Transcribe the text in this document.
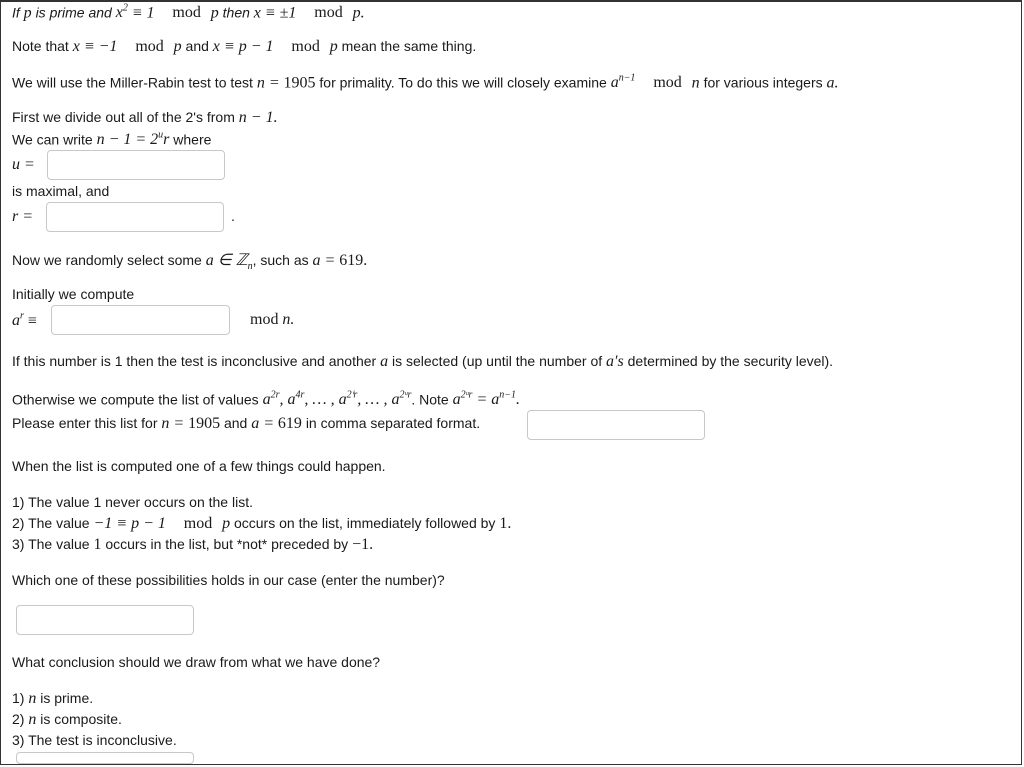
If p is prime and $x^2 \equiv 1$ mod p then x ≡ ±1 mod p.
Note that x ≡ −1 mod p and x ≡ p − 1 mod p mean the same thing.
We will use the Miller-Rabin test to test n = 1905 for primality. To do this we will closely examine $a^{n-1}$ mod n for various integers a.
First we divide out all of the 2's from n − 1.
We can write $n - 1 = 2^ur$ where
u =
is maximal, and
r =	.
Now we randomly select some a ∈ ℤ$_n$, such as a = 619.
Initially we compute
$a^r$ ≡	mod n.
If this number is 1 then the test is inconclusive and another a is selected (up until the number of a′s determined by the security level).
Otherwise we compute the list of values $a^{2r}$, $a^{4r}$, … , $a^{2^ir}$, … , $a^{2ᵘr}$. Note $a^{2ᵘr} = a^{n-1}$.
Please enter this list for n = 1905 and a = 619 in comma separated format.
When the list is computed one of a few things could happen.
1) The value 1 never occurs on the list.
2) The value −1 ≡ p − 1 mod p occurs on the list, immediately followed by 1.
3) The value 1 occurs in the list, but *not* preceded by −1.
Which one of these possibilities holds in our case (enter the number)?
What conclusion should we draw from what we have done?
1) n is prime.
2) n is composite.
3) The test is inconclusive.
